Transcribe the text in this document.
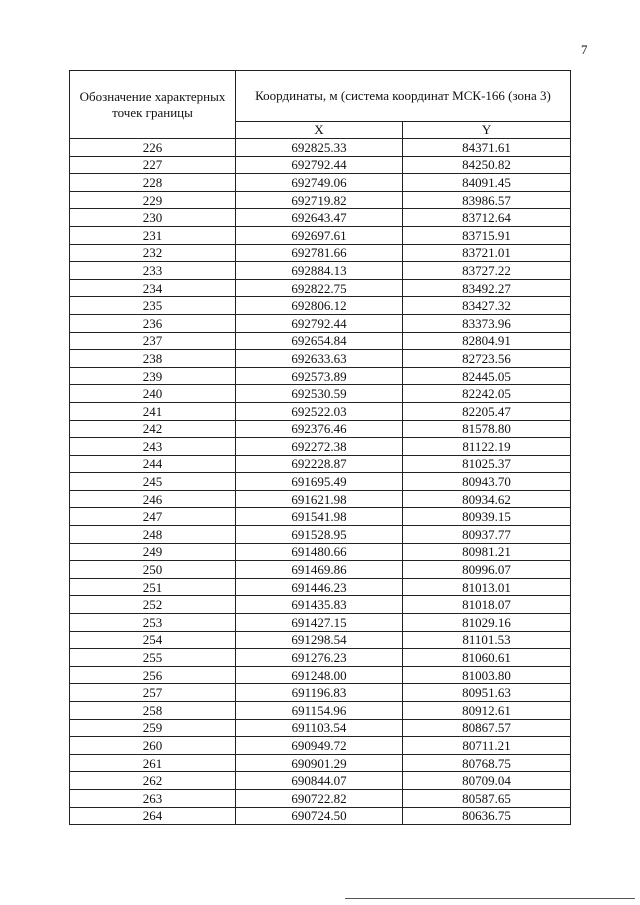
7
Обозначение характерных точек границы	Координаты, м (система координат МСК-166 (зона 3)	
	X	Y
226	692825.33	84371.61
227	692792.44	84250.82
228	692749.06	84091.45
229	692719.82	83986.57
230	692643.47	83712.64
231	692697.61	83715.91
232	692781.66	83721.01
233	692884.13	83727.22
234	692822.75	83492.27
235	692806.12	83427.32
236	692792.44	83373.96
237	692654.84	82804.91
238	692633.63	82723.56
239	692573.89	82445.05
240	692530.59	82242.05
241	692522.03	82205.47
242	692376.46	81578.80
243	692272.38	81122.19
244	692228.87	81025.37
245	691695.49	80943.70
246	691621.98	80934.62
247	691541.98	80939.15
248	691528.95	80937.77
249	691480.66	80981.21
250	691469.86	80996.07
251	691446.23	81013.01
252	691435.83	81018.07
253	691427.15	81029.16
254	691298.54	81101.53
255	691276.23	81060.61
256	691248.00	81003.80
257	691196.83	80951.63
258	691154.96	80912.61
259	691103.54	80867.57
260	690949.72	80711.21
261	690901.29	80768.75
262	690844.07	80709.04
263	690722.82	80587.65
264	690724.50	80636.75
